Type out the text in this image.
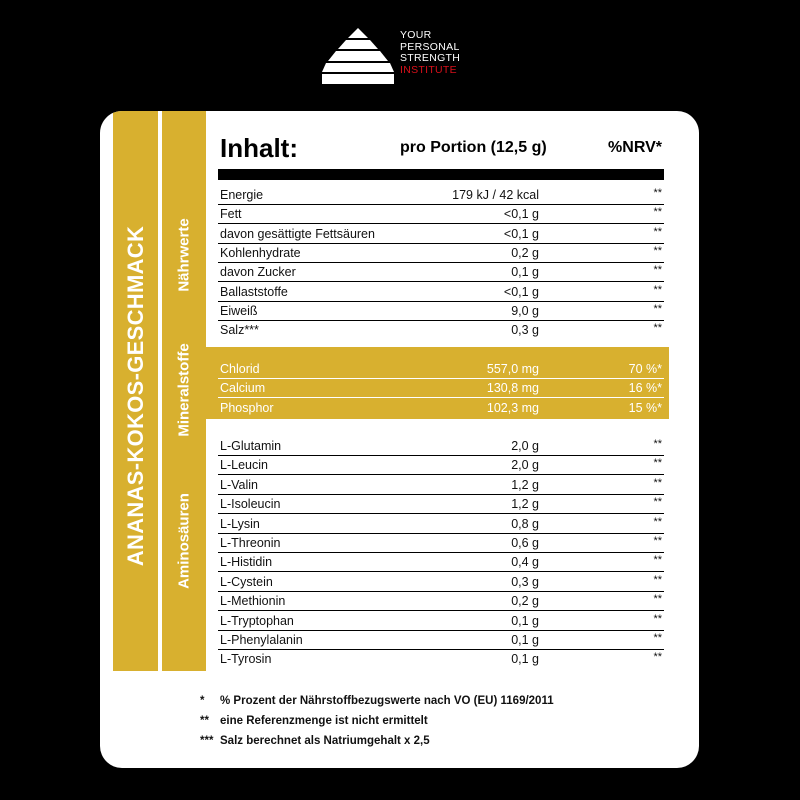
YOUR
PERSONAL
STRENGTH
INSTITUTE
ANANAS-KOKOS-GESCHMACK Nährwerte
Mineralstoffe
Aminosäuren
Inhalt:	pro Portion (12,5 g)	%NRV*
Energie	179 kJ / 42 kcal	**
Fett	<0,1 g	**
davon gesättigte Fettsäuren	<0,1 g	**
Kohlenhydrate	0,2 g	**
davon Zucker	0,1 g	**
Ballaststoffe	<0,1 g	**
Eiweiß	9,0 g	**
Salz***	0,3 g	**
Chlorid	557,0 mg	70 %*
Calcium	130,8 mg	16 %*
Phosphor	102,3 mg	15 %*
L-Glutamin	2,0 g	**
L-Leucin	2,0 g	**
L-Valin	1,2 g	**
L-Isoleucin	1,2 g	**
L-Lysin	0,8 g	**
L-Threonin	0,6 g	**
L-Histidin	0,4 g	**
L-Cystein	0,3 g	**
L-Methionin	0,2 g	**
L-Tryptophan	0,1 g	**
L-Phenylalanin	0,1 g	**
L-Tyrosin	0,1 g	**
* % Prozent der Nährstoffbezugswerte nach VO (EU) 1169/2011
** eine Referenzmenge ist nicht ermittelt
*** Salz berechnet als Natriumgehalt x 2,5
